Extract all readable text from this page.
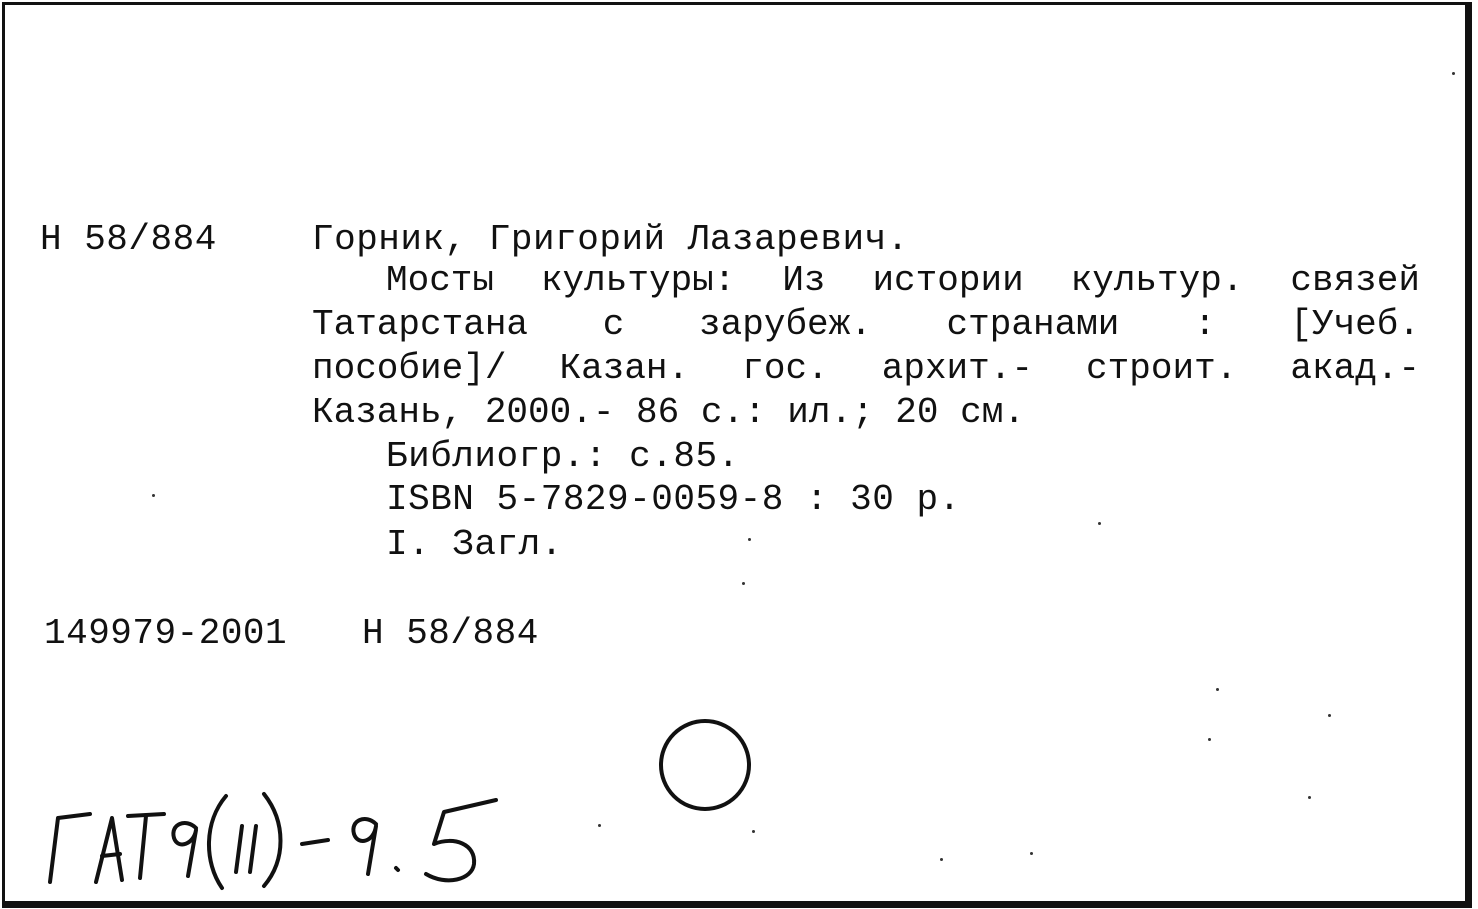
Н 58/884	Горник, Григорий Лазаревич.
Мосты культуры: Из истории культур. связей
Татарстана с зарубеж. странами : [Учеб.
пособие]/ Казан. гос. архит.- строит. акад.-
Казань, 2000.- 86 с.: ил.; 20 см.
Библиогр.: с.85.
ISBN 5-7829-0059-8 : 30 р.
I. Загл.
149979-2001 Н 58/884
